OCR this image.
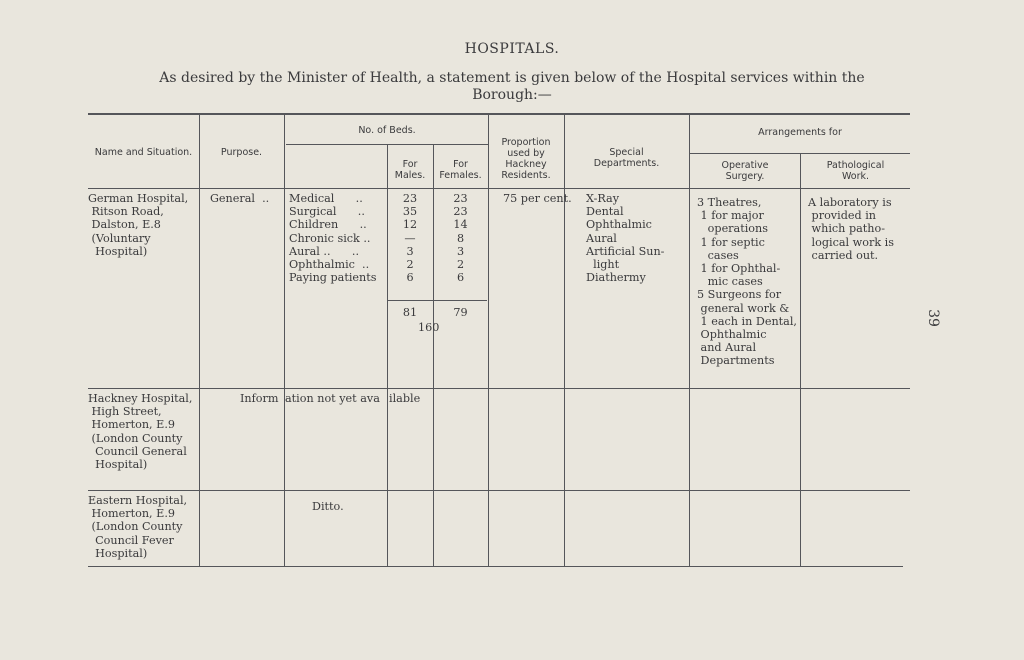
HOSPITALS.
As desired by the Minister of Health, a statement is given below of the Hospital services within the
Borough:—
39
Name and Situation.	Purpose.
No. of Beds.
For
Males.
For
Females.
Proportion
used by
Hackney
Residents.
Special
Departments.
Arrangements for
Operative
Surgery.
Pathological
Work.
German Hospital,
Ritson Road,
Dalston, E.8
(Voluntary
Hospital)
General  .. Medical      ..
Surgical      ..
Children      ..
Chronic sick ..
Aural ..      ..
Ophthalmic  ..
Paying patients
23
35
12
—
3
2
6
23
23
14
8
3
2
6
81	79
160
75 per cent. X-Ray
Dental
Ophthalmic
Aural
Artificial Sun-
light
Diathermy
3 Theatres,
1 for major
operations
1 for septic
cases
1 for Ophthal-
mic cases
5 Surgeons for
general work &
1 each in Dental,
Ophthalmic
and Aural
Departments
A laboratory is
provided in
which patho-
logical work is
carried out.
Hackney Hospital,
High Street,
Homerton, E.9
(London County
Council General
Hospital)
Inform ation not yet ava ilable
Eastern Hospital,
Homerton, E.9
(London County
Council Fever
Hospital)
Ditto.
